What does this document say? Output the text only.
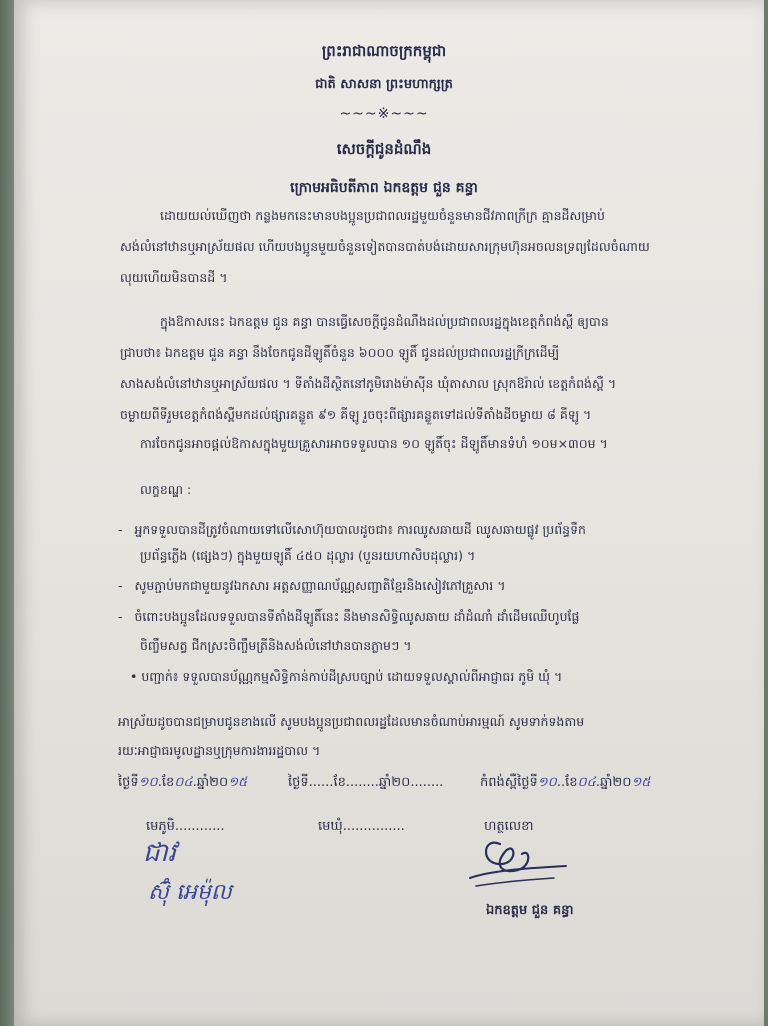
ព្រះរាជាណាចក្រកម្ពុជា
ជាតិ សាសនា ព្រះមហាក្សត្រ
~~~※~~~
សេចក្ដីជូនដំណឹង
ក្រោមអធិបតីភាព ឯកឧត្តម ជួន គន្ធា
ដោយយល់ឃើញថា កន្លងមកនេះមានបងប្អូនប្រជាពលរដ្ឋមួយចំនួនមានជីវភាពក្រីក្រ គ្មានដីសម្រាប់
សង់លំនៅឋានឬអាស្រ័យផល ហើយបងប្អូនមួយចំនួនទៀតបានបាត់បង់ដោយសារក្រុមហ៊ុនអចលនទ្រព្យដែលចំណាយ
លុយហើយមិនបានដី ។
ក្នុងឱកាសនេះ ឯកឧត្តម ជួន គន្ធា បានធ្វើសេចក្ដីជូនដំណឹងដល់ប្រជាពលរដ្ឋក្នុងខេត្តកំពង់ស្ពឺ ឲ្យបាន
ជ្រាបថា៖ ឯកឧត្តម ជួន គន្ធា នឹងចែកជូនដីឡូតិ៍ចំនួន ៦០០០ ឡូតិ៍ ជូនដល់ប្រជាពលរដ្ឋក្រីក្រដើម្បី
សាងសង់លំនៅឋានឬអាស្រ័យផល ។ ទីតាំងដីស្ថិតនៅភូមិរោងម៉ាស៊ីន ឃុំតាសាល ស្រុកឱរ៉ាល់ ខេត្តកំពង់ស្ពឺ ។
ចម្ងាយពីទីរួមខេត្តកំពង់ស្ពឺមកដល់ផ្សារគន្លួត ៩១ គីឡូ រួចចុះពីផ្សារគន្លួតទៅដល់ទីតាំងដីចម្ងាយ ៨ គីឡូ ។
ការចែកជូនអាចផ្ដល់ឱកាសក្នុងមួយគ្រួសារអាចទទួលបាន ១០ ឡូតិ៍ចុះ ដីឡូតិ៍មានទំហំ ១០ម×៣០ម ។
លក្ខខណ្ឌ :
-   អ្នកទទួលបានដីត្រូវចំណាយទៅលើសោហ៊ុយបាលដូចជា៖ ការឈូសឆាយដី ឈូសឆាយផ្លូវ ប្រព័ន្ធទឹក
ប្រព័ន្ធភ្លើង (ផ្សេងៗ) ក្នុងមួយឡូតិ៍ ៤៥០ ដុល្លារ (បួនរយហាសិបដុល្លារ) ។
-   សូមភ្ជាប់មកជាមួយនូវឯកសារ អត្តសញ្ញាណប័ណ្ណសញ្ជាតិខ្មែរនិងសៀវភៅគ្រួសារ ។
-   ចំពោះបងប្អូនដែលទទួលបានទីតាំងដីឡូតិ៍នេះ នឹងមានសិទ្ធិឈូសឆាយ ដាំដំណាំ ដាំដើមឈើហូបផ្លែ
ចិញ្ចឹមសត្វ ជីកស្រះចិញ្ចឹមត្រីនិងសង់លំនៅឋានបានភ្លាមៗ ។
• បញ្ជាក់៖ ទទួលបានប័ណ្ណកម្មសិទ្ធិកាន់កាប់ដីស្របច្បាប់ ដោយទទួលស្គាល់ពីអាជ្ញាធរ ភូមិ ឃុំ ។
អាស្រ័យដូចបានជម្រាបជូនខាងលើ សូមបងប្អូនប្រជាពលរដ្ឋដែលមានចំណាប់អារម្មណ៍ សូមទាក់ទងតាម
រយៈអាជ្ញាធរមូលដ្ឋានឬក្រុមការងាររដ្ឋបាល ។
ថ្ងៃទី១០.ខែ០៤.ឆ្នាំ២០១៥	ថ្ងៃទី......ខែ........ឆ្នាំ២០........	កំពង់ស្ពឺថ្ងៃទី១០..ខែ០៤.ឆ្នាំ២០១៥
មេភូមិ............	មេឃុំ...............	ហត្ថលេខា
ជាវ
ស៊ុំ អេម៉ុល
ឯកឧត្តម ជួន គន្ធា
